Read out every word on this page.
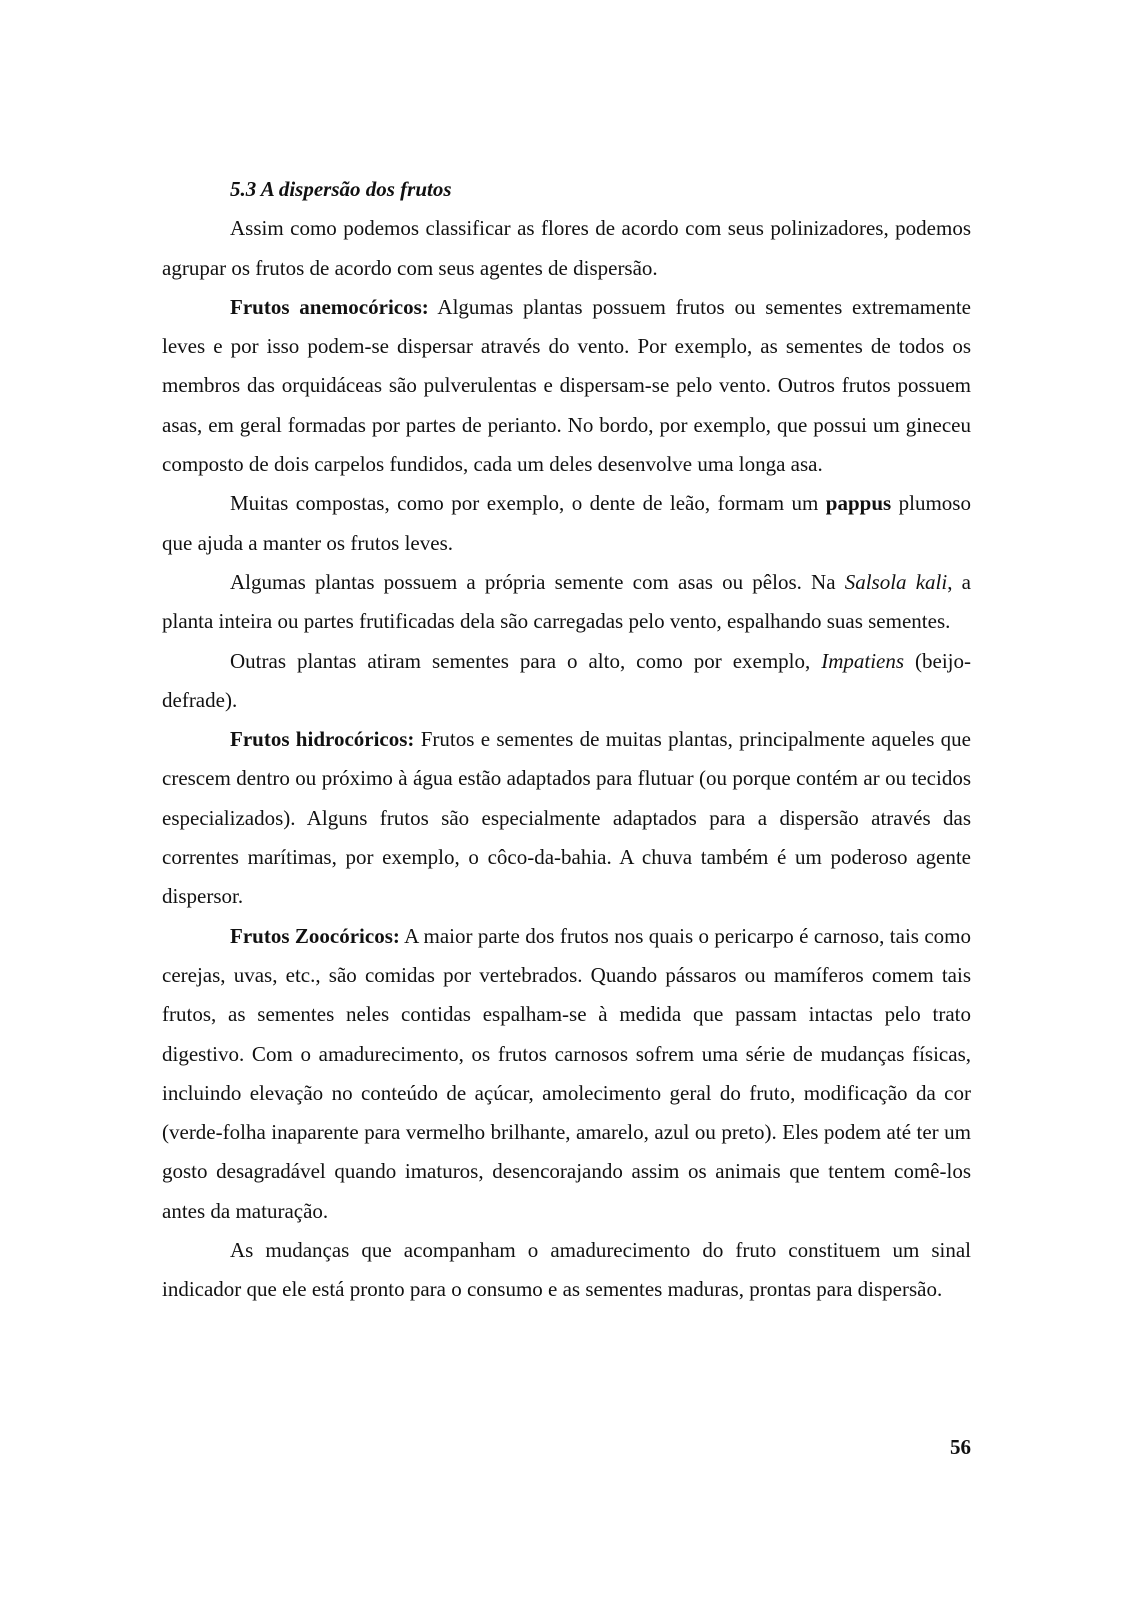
5.3 A dispersão dos frutos

Assim como podemos classificar as flores de acordo com seus polinizadores, podemos agrupar os frutos de acordo com seus agentes de dispersão.

Frutos anemocóricos: Algumas plantas possuem frutos ou sementes extremamente leves e por isso podem-se dispersar através do vento. Por exemplo, as sementes de todos os membros das orquidáceas são pulverulentas e dispersam-se pelo vento. Outros frutos possuem asas, em geral formadas por partes de perianto. No bordo, por exemplo, que possui um gineceu composto de dois carpelos fundidos, cada um deles desenvolve uma longa asa.

Muitas compostas, como por exemplo, o dente de leão, formam um pappus plumoso que ajuda a manter os frutos leves.

Algumas plantas possuem a própria semente com asas ou pêlos. Na Salsola kali, a planta inteira ou partes frutificadas dela são carregadas pelo vento, espalhando suas sementes.

Outras plantas atiram sementes para o alto, como por exemplo, Impatiens (beijo-defrade).

Frutos hidrocóricos: Frutos e sementes de muitas plantas, principalmente aqueles que crescem dentro ou próximo à água estão adaptados para flutuar (ou porque contém ar ou tecidos especializados). Alguns frutos são especialmente adaptados para a dispersão através das correntes marítimas, por exemplo, o côco-da-bahia. A chuva também é um poderoso agente dispersor.

Frutos Zoocóricos: A maior parte dos frutos nos quais o pericarpo é carnoso, tais como cerejas, uvas, etc., são comidas por vertebrados. Quando pássaros ou mamíferos comem tais frutos, as sementes neles contidas espalham-se à medida que passam intactas pelo trato digestivo. Com o amadurecimento, os frutos carnosos sofrem uma série de mudanças físicas, incluindo elevação no conteúdo de açúcar, amolecimento geral do fruto, modificação da cor (verde-folha inaparente para vermelho brilhante, amarelo, azul ou preto). Eles podem até ter um gosto desagradável quando imaturos, desencorajando assim os animais que tentem comê-los antes da maturação.

As mudanças que acompanham o amadurecimento do fruto constituem um sinal indicador que ele está pronto para o consumo e as sementes maduras, prontas para dispersão.

56
